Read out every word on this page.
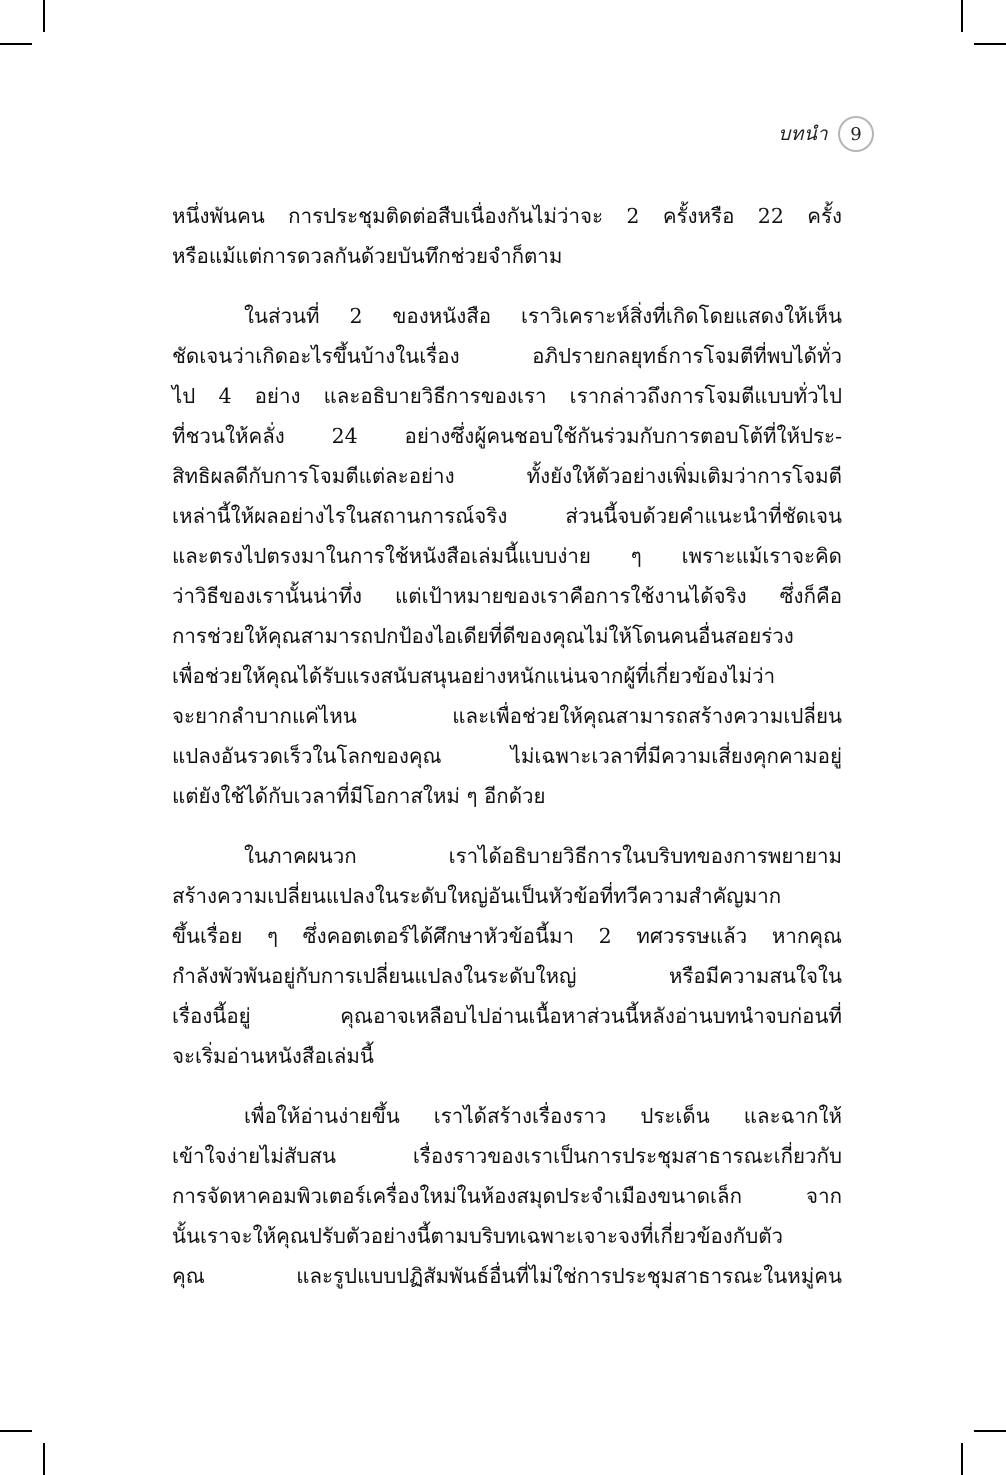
บทนำ 9
หนึ่งพันคน การประชุมติดต่อสืบเนื่องกันไม่ว่าจะ 2 ครั้งหรือ 22 ครั้ง
หรือแม้แต่การดวลกันด้วยบันทึกช่วยจำก็ตาม
ในส่วนที่ 2 ของหนังสือ เราวิเคราะห์สิ่งที่เกิดโดยแสดงให้เห็น
ชัดเจนว่าเกิดอะไรขึ้นบ้างในเรื่อง อภิปรายกลยุทธ์การโจมตีที่พบได้ทั่ว
ไป 4 อย่าง และอธิบายวิธีการของเรา เรากล่าวถึงการโจมตีแบบทั่วไป
ที่ชวนให้คลั่ง 24 อย่างซึ่งผู้คนชอบใช้กันร่วมกับการตอบโต้ที่ให้ประ-
สิทธิผลดีกับการโจมตีแต่ละอย่าง ทั้งยังให้ตัวอย่างเพิ่มเติมว่าการโจมตี
เหล่านี้ให้ผลอย่างไรในสถานการณ์จริง ส่วนนี้จบด้วยคำแนะนำที่ชัดเจน
และตรงไปตรงมาในการใช้หนังสือเล่มนี้แบบง่าย ๆ เพราะแม้เราจะคิด
ว่าวิธีของเรานั้นน่าทึ่ง แต่เป้าหมายของเราคือการใช้งานได้จริง ซึ่งก็คือ
การช่วยให้คุณสามารถปกป้องไอเดียที่ดีของคุณไม่ให้โดนคนอื่นสอยร่วง
เพื่อช่วยให้คุณได้รับแรงสนับสนุนอย่างหนักแน่นจากผู้ที่เกี่ยวข้องไม่ว่า
จะยากลำบากแค่ไหน และเพื่อช่วยให้คุณสามารถสร้างความเปลี่ยน
แปลงอันรวดเร็วในโลกของคุณ ไม่เฉพาะเวลาที่มีความเสี่ยงคุกคามอยู่
แต่ยังใช้ได้กับเวลาที่มีโอกาสใหม่ ๆ อีกด้วย
ในภาคผนวก เราได้อธิบายวิธีการในบริบทของการพยายาม
สร้างความเปลี่ยนแปลงในระดับใหญ่อันเป็นหัวข้อที่ทวีความสำคัญมาก
ขึ้นเรื่อย ๆ ซึ่งคอตเตอร์ได้ศึกษาหัวข้อนี้มา 2 ทศวรรษแล้ว หากคุณ
กำลังพัวพันอยู่กับการเปลี่ยนแปลงในระดับใหญ่ หรือมีความสนใจใน
เรื่องนี้อยู่ คุณอาจเหลือบไปอ่านเนื้อหาส่วนนี้หลังอ่านบทนำจบก่อนที่
จะเริ่มอ่านหนังสือเล่มนี้
เพื่อให้อ่านง่ายขึ้น เราได้สร้างเรื่องราว ประเด็น และฉากให้
เข้าใจง่ายไม่สับสน เรื่องราวของเราเป็นการประชุมสาธารณะเกี่ยวกับ
การจัดหาคอมพิวเตอร์เครื่องใหม่ในห้องสมุดประจำเมืองขนาดเล็ก จาก
นั้นเราจะให้คุณปรับตัวอย่างนี้ตามบริบทเฉพาะเจาะจงที่เกี่ยวข้องกับตัว
คุณ และรูปแบบปฏิสัมพันธ์อื่นที่ไม่ใช่การประชุมสาธารณะในหมู่คน
